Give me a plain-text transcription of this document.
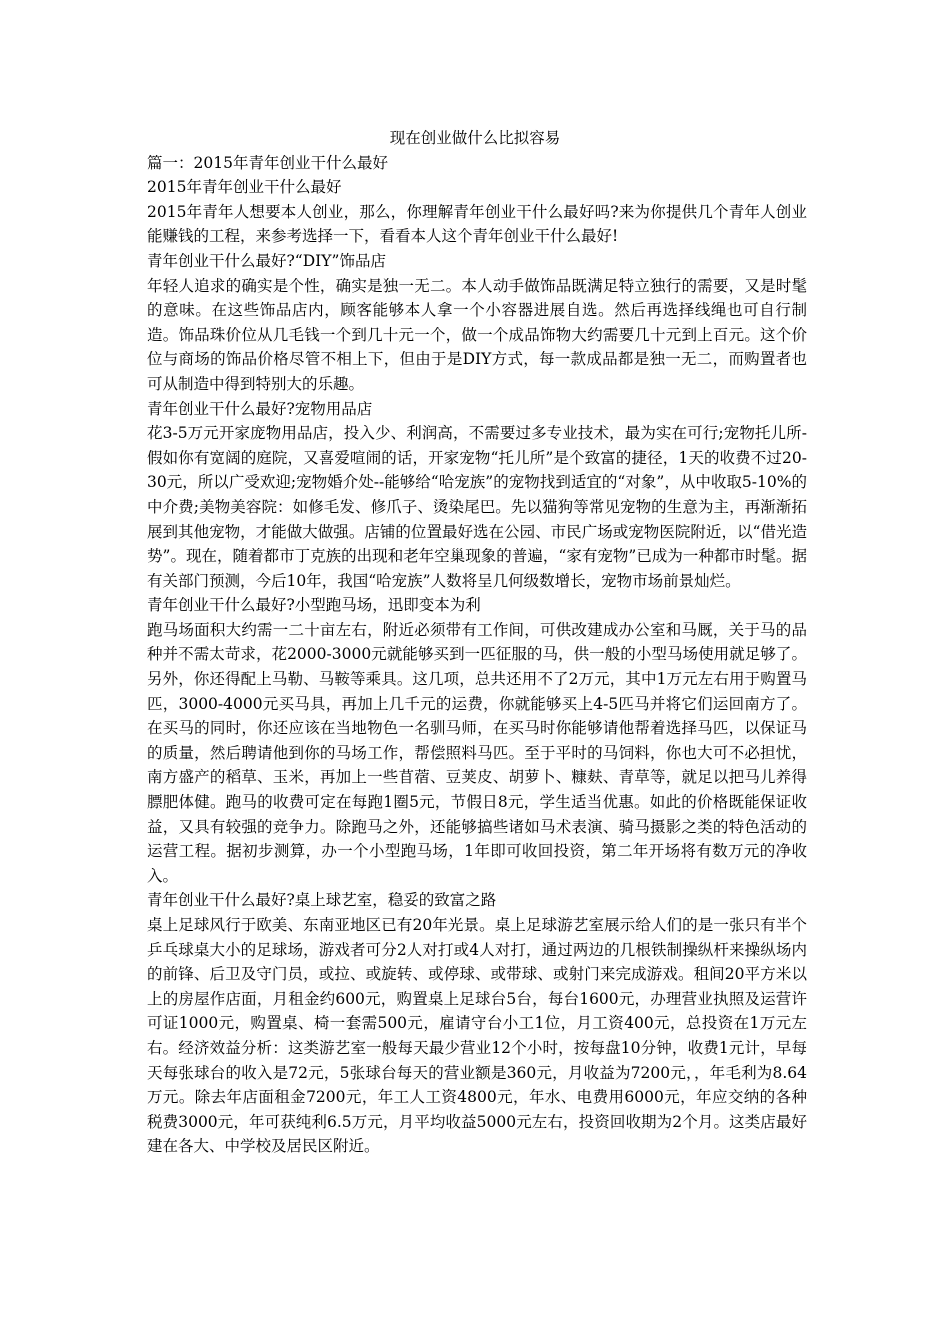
现在创业做什么比拟容易

篇一：2015年青年创业干什么最好

2015年青年创业干什么最好

2015年青年人想要本人创业，那么，你理解青年创业干什么最好吗?来为你提供几个青年人创业能赚钱的工程，来参考选择一下，看看本人这个青年创业干什么最好!

青年创业干什么最好?“DIY”饰品店

年轻人追求的确实是个性，确实是独一无二。本人动手做饰品既满足特立独行的需要，又是时髦的意味。在这些饰品店内，顾客能够本人拿一个小容器进展自选。然后再选择线绳也可自行制造。饰品珠价位从几毛钱一个到几十元一个，做一个成品饰物大约需要几十元到上百元。这个价位与商场的饰品价格尽管不相上下，但由于是DIY方式，每一款成品都是独一无二，而购置者也可从制造中得到特别大的乐趣。

青年创业干什么最好?宠物用品店

花3-5万元开家庞物用品店，投入少、利润高，不需要过多专业技术，最为实在可行;宠物托儿所-假如你有宽阔的庭院，又喜爱喧闹的话，开家宠物“托儿所”是个致富的捷径，1天的收费不过20-30元，所以广受欢迎;宠物婚介处--能够给“哈宠族”的宠物找到适宜的“对象”，从中收取5-10%的中介费;美物美容院：如修毛发、修爪子、烫染尾巴。先以猫狗等常见宠物的生意为主，再渐渐拓展到其他宠物，才能做大做强。店铺的位置最好选在公园、市民广场或宠物医院附近，以“借光造势”。现在，随着都市丁克族的出现和老年空巢现象的普遍，“家有宠物”已成为一种都市时髦。据有关部门预测，今后10年，我国“哈宠族”人数将呈几何级数增长，宠物市场前景灿烂。

青年创业干什么最好?小型跑马场，迅即变本为利

跑马场面积大约需一二十亩左右，附近必须带有工作间，可供改建成办公室和马厩，关于马的品种并不需太苛求，花2000-3000元就能够买到一匹征服的马，供一般的小型马场使用就足够了。另外，你还得配上马勒、马鞍等乘具。这几项，总共还用不了2万元，其中1万元左右用于购置马匹，3000-4000元买马具，再加上几千元的运费，你就能够买上4-5匹马并将它们运回南方了。在买马的同时，你还应该在当地物色一名驯马师，在买马时你能够请他帮着选择马匹，以保证马的质量，然后聘请他到你的马场工作，帮偿照料马匹。至于平时的马饲料，你也大可不必担忧，南方盛产的稻草、玉米，再加上一些苜蓿、豆荚皮、胡萝卜、糠麸、青草等，就足以把马儿养得膘肥体健。跑马的收费可定在每跑1圈5元，节假日8元，学生适当优惠。如此的价格既能保证收益，又具有较强的竞争力。除跑马之外，还能够搞些诸如马术表演、骑马摄影之类的特色活动的运营工程。据初步测算，办一个小型跑马场，1年即可收回投资，第二年开场将有数万元的净收入。

青年创业干什么最好?桌上球艺室，稳妥的致富之路

桌上足球风行于欧美、东南亚地区已有20年光景。桌上足球游艺室展示给人们的是一张只有半个乒乓球桌大小的足球场，游戏者可分2人对打或4人对打，通过两边的几根铁制操纵杆来操纵场内的前锋、后卫及守门员，或拉、或旋转、或停球、或带球、或射门来完成游戏。租间20平方米以上的房屋作店面，月租金约600元，购置桌上足球台5台，每台1600元，办理营业执照及运营许可证1000元，购置桌、椅一套需500元，雇请守台小工1位，月工资400元，总投资在1万元左右。经济效益分析：这类游艺室一般每天最少营业12个小时，按每盘10分钟，收费1元计，早每天每张球台的收入是72元，5张球台每天的营业额是360元，月收益为7200元，，年毛利为8.64万元。除去年店面租金7200元，年工人工资4800元，年水、电费用6000元，年应交纳的各种税费3000元，年可获纯利6.5万元，月平均收益5000元左右，投资回收期为2个月。这类店最好建在各大、中学校及居民区附近。
